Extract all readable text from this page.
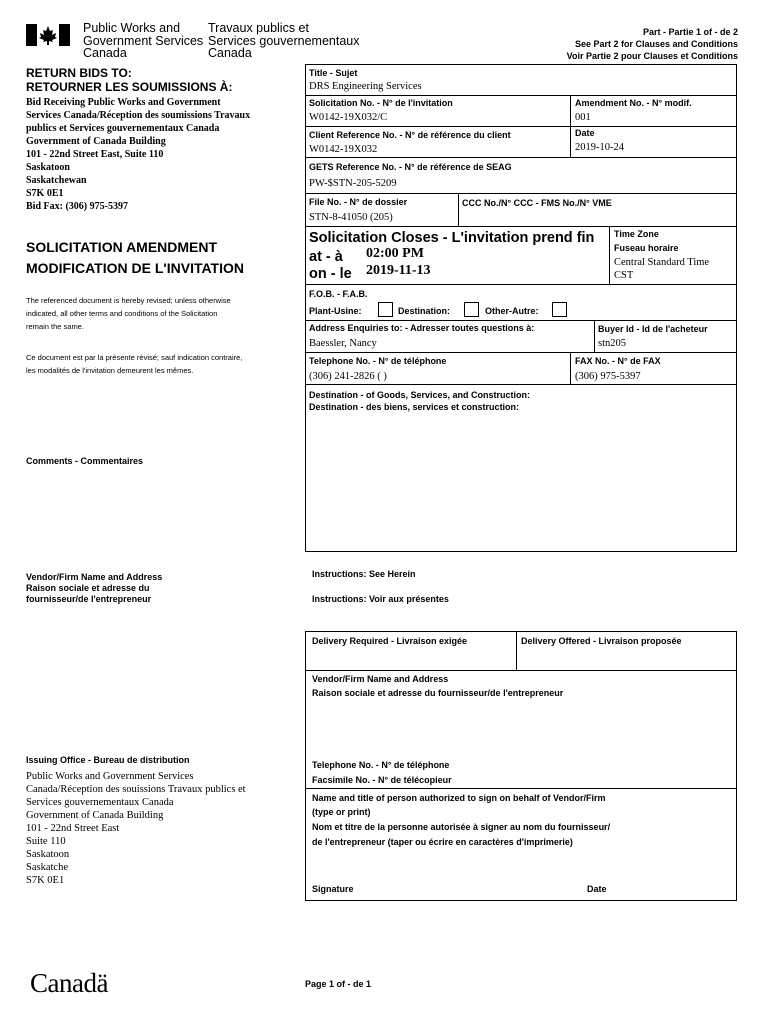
Public Works and
Government Services
Canada
Travaux publics et
Services gouvernementaux
Canada
Part - Partie 1 of - de 2
See Part 2 for Clauses and Conditions
Voir Partie 2 pour Clauses et Conditions
RETURN BIDS TO:
RETOURNER LES SOUMISSIONS À:
Bid Receiving Public Works and Government
Services Canada/Réception des soumissions Travaux
publics et Services gouvernementaux Canada
Government of Canada Building
101 - 22nd Street East, Suite 110
Saskatoon
Saskatchewan
S7K 0E1
Bid Fax: (306) 975-5397
SOLICITATION AMENDMENT
MODIFICATION DE L'INVITATION
The referenced document is hereby revised; unless otherwise
indicated, all other terms and conditions of the Solicitation
remain the same.
Ce document est par la présente révisé; sauf indication contraire,
les modalités de l'invitation demeurent les mêmes.
Comments - Commentaires
Vendor/Firm Name and Address
Raison sociale et adresse du
fournisseur/de l'entrepreneur
Issuing Office - Bureau de distribution
Public Works and Government Services
Canada/Réception des souissions Travaux publics et
Services gouvernementaux Canada
Government of Canada Building
101 - 22nd Street East
Suite 110
Saskatoon
Saskatche
S7K 0E1
Title - Sujet
DRS Engineering Services
Solicitation No. - N° de l'invitation
W0142-19X032/C
Amendment No. - N° modif.
001
Client Reference No. - N° de référence du client
W0142-19X032
Date
2019-10-24
GETS Reference No. - N° de référence de SEAG
PW-$STN-205-5209
File No. - N° de dossier
STN-8-41050 (205)
CCC No./N° CCC - FMS No./N° VME
Solicitation Closes - L'invitation prend fin
at - à 02:00 PM
on - le 2019-11-13
Time Zone
Fuseau horaire
Central Standard Time
CST
F.O.B. - F.A.B.
Plant-Usine:	Destination:	Other-Autre:
Address Enquiries to: - Adresser toutes questions à:
Baessler, Nancy
Buyer Id - Id de l'acheteur
stn205
Telephone No. - N° de téléphone
(306) 241-2826 ( )
FAX No. - N° de FAX
(306) 975-5397
Destination - of Goods, Services, and Construction:
Destination - des biens, services et construction:
Instructions: See Herein
Instructions: Voir aux présentes
Delivery Required - Livraison exigée	Delivery Offered - Livraison proposée
Vendor/Firm Name and Address
Raison sociale et adresse du fournisseur/de l'entrepreneur
Telephone No. - N° de téléphone
Facsimile No. - N° de télécopieur
Name and title of person authorized to sign on behalf of Vendor/Firm
(type or print)
Nom et titre de la personne autorisée à signer au nom du fournisseur/
de l'entrepreneur (taper ou écrire en caractères d'imprimerie)
Signature	Date
Canadä	Page 1 of - de 1
